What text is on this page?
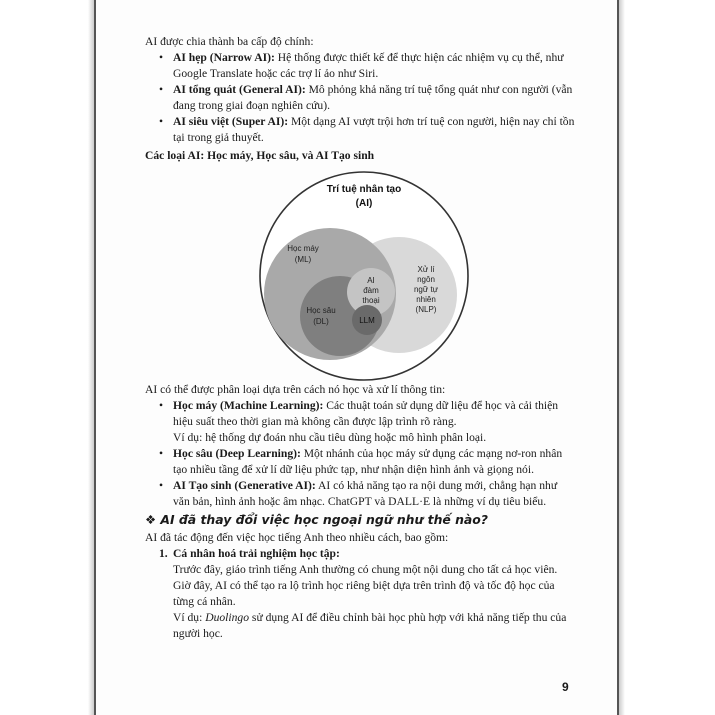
AI được chia thành ba cấp độ chính:

• AI hẹp (Narrow AI): Hệ thống được thiết kế để thực hiện các nhiệm vụ cụ thể, như Google Translate hoặc các trợ lí ảo như Siri.

• AI tổng quát (General AI): Mô phỏng khả năng trí tuệ tổng quát như con người (vẫn đang trong giai đoạn nghiên cứu).

• AI siêu việt (Super AI): Một dạng AI vượt trội hơn trí tuệ con người, hiện nay chỉ tồn tại trong giả thuyết.

Các loại AI: Học máy, Học sâu, và AI Tạo sinh

Trí tuệ nhân tạo
(AI)
Học máy
(ML)
Học sâu
(DL)
AI
đàm
thoại
LLM
Xử lí
ngôn
ngữ tự
nhiên
(NLP)

AI có thể được phân loại dựa trên cách nó học và xử lí thông tin:

• Học máy (Machine Learning): Các thuật toán sử dụng dữ liệu để học và cải thiện hiệu suất theo thời gian mà không cần được lập trình rõ ràng.

Ví dụ: hệ thống dự đoán nhu cầu tiêu dùng hoặc mô hình phân loại.

• Học sâu (Deep Learning): Một nhánh của học máy sử dụng các mạng nơ-ron nhân tạo nhiều tầng để xử lí dữ liệu phức tạp, như nhận diện hình ảnh và giọng nói.

• AI Tạo sinh (Generative AI): AI có khả năng tạo ra nội dung mới, chẳng hạn như văn bản, hình ảnh hoặc âm nhạc. ChatGPT và DALL·E là những ví dụ tiêu biểu.

❖ AI đã thay đổi việc học ngoại ngữ như thế nào?

AI đã tác động đến việc học tiếng Anh theo nhiều cách, bao gồm:

1. Cá nhân hoá trải nghiệm học tập:

Trước đây, giáo trình tiếng Anh thường có chung một nội dung cho tất cả học viên. Giờ đây, AI có thể tạo ra lộ trình học riêng biệt dựa trên trình độ và tốc độ học của từng cá nhân.

Ví dụ: Duolingo sử dụng AI để điều chỉnh bài học phù hợp với khả năng tiếp thu của người học.

9
